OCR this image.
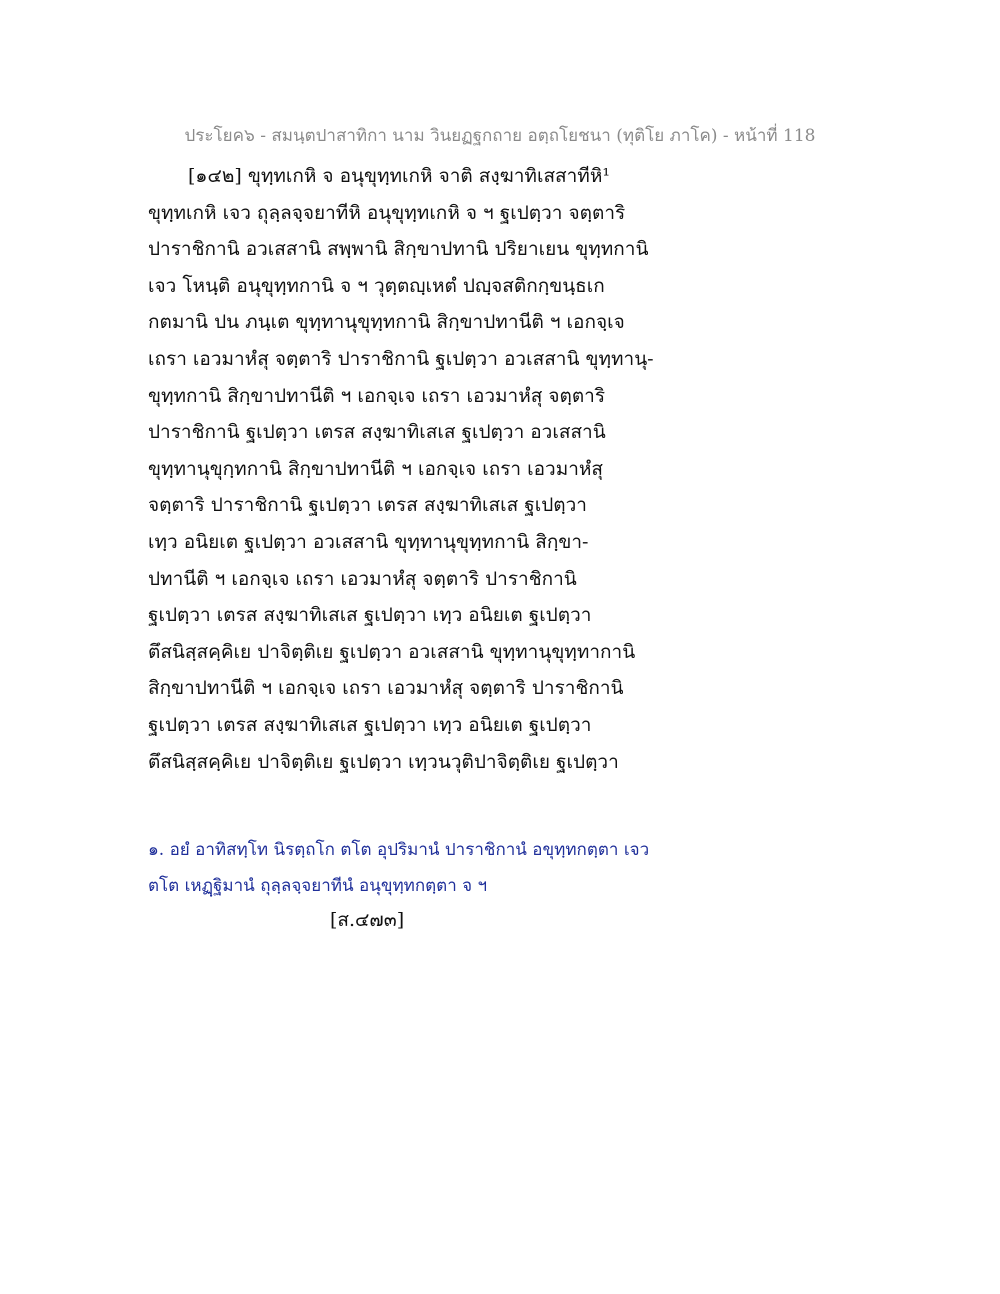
ประโยค๖ - สมนฺตปาสาทิกา นาม วินยฏฐกถาย อตฺถโยชนา (ทุติโย ภาโค) - หน้าที่ 118
[๑๔๒] ขุทฺทเกหิ จ อนุขุทฺทเกหิ จาติ สงฺฆาทิเสสาทีหิ¹
ขุทฺทเกหิ เจว ถุลฺลจฺจยาทีหิ อนุขุทฺทเกหิ จ ฯ ฐเปตฺวา จตฺตาริ
ปาราชิกานิ อวเสสานิ สพฺพานิ สิกฺขาปทานิ ปริยาเยน ขุทฺทกานิ
เจว โหนฺติ อนุขุทฺทกานิ จ ฯ วุตฺตญฺเหตํ ปญฺจสติกกฺขนฺธเก
กตมานิ ปน ภนฺเต ขุทฺทานุขุทฺทกานิ สิกฺขาปทานีติ ฯ เอกจฺเจ
เถรา เอวมาหํสุ จตฺตาริ ปาราชิกานิ ฐเปตฺวา อวเสสานิ ขุทฺทานุ-
ขุทฺทกานิ สิกฺขาปทานีติ ฯ เอกจฺเจ เถรา เอวมาหํสุ จตฺตาริ
ปาราชิกานิ ฐเปตฺวา เตรส สงฺฆาทิเสเส ฐเปตฺวา อวเสสานิ
ขุทฺทานุขุกฺทกานิ สิกฺขาปทานีติ ฯ เอกจฺเจ เถรา เอวมาหํสุ
จตฺตาริ ปาราชิกานิ ฐเปตฺวา เตรส สงฺฆาทิเสเส ฐเปตฺวา
เทฺว อนิยเต ฐเปตฺวา อวเสสานิ ขุทฺทานุขุทฺทกานิ สิกฺขา-
ปทานีติ ฯ เอกจฺเจ เถรา เอวมาหํสุ จตฺตาริ ปาราชิกานิ
ฐเปตฺวา เตรส สงฺฆาทิเสเส ฐเปตฺวา เทฺว อนิยเต ฐเปตฺวา
ตึสนิสฺสคฺคิเย ปาจิตฺติเย ฐเปตฺวา อวเสสานิ ขุทฺทานุขุทฺทากานิ
สิกฺขาปทานีติ ฯ เอกจฺเจ เถรา เอวมาหํสุ จตฺตาริ ปาราชิกานิ
ฐเปตฺวา เตรส สงฺฆาทิเสเส ฐเปตฺวา เทฺว อนิยเต ฐเปตฺวา
ตึสนิสฺสคฺคิเย ปาจิตฺติเย ฐเปตฺวา เทฺวนวุติปาจิตฺติเย ฐเปตฺวา
๑. อยํ อาทิสทฺโท นิรตฺถโก ตโต อุปริมานํ ปาราชิกานํ อขุทฺทกตฺตา เจว
ตโต เหฏฺฐิมานํ ถุลฺลจฺจยาทีนํ อนุขุทฺทกตฺตา จ ฯ
[ส.๔๗๓]
